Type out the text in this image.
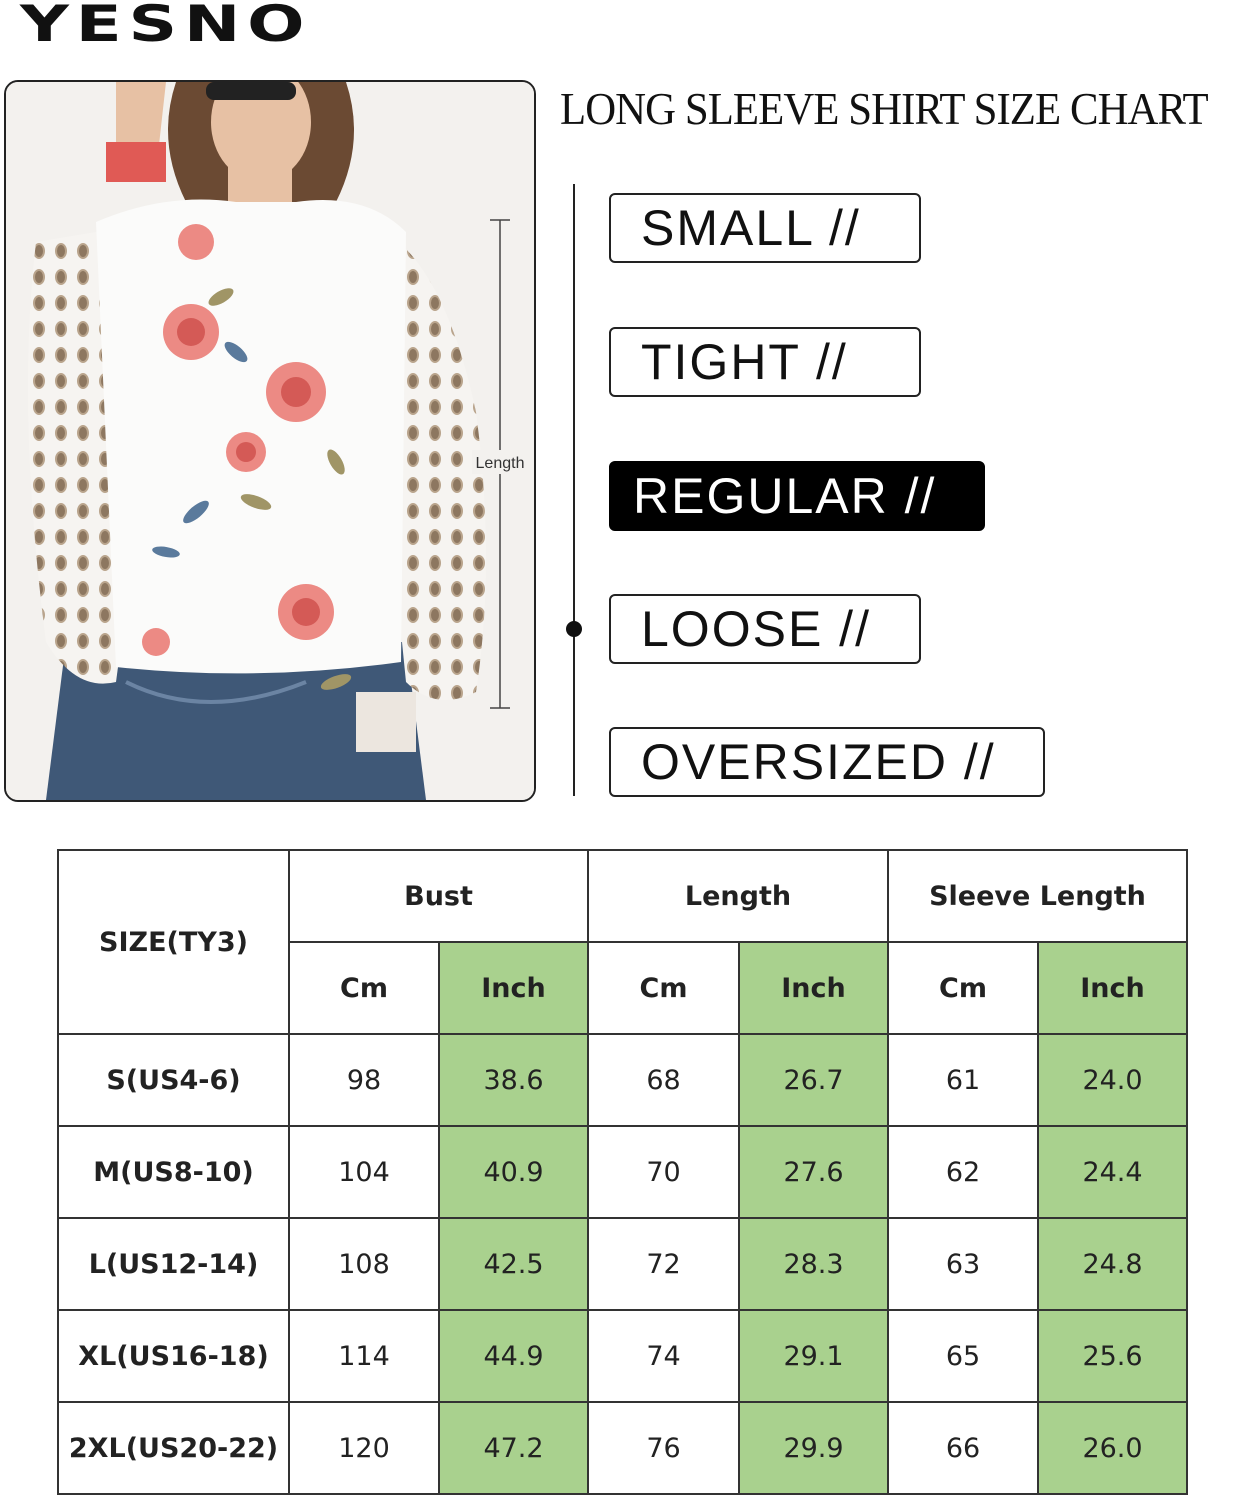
YESNO
Length
LONG SLEEVE SHIRT SIZE CHART
SMALL //
TIGHT //
REGULAR //
LOOSE //
OVERSIZED //
SIZE(TY3)	Bust		Length		Sleeve Length	
	Cm	Inch	Cm	Inch	Cm	Inch
S(US4-6)	98	38.6	68	26.7	61	24.0
M(US8-10)	104	40.9	70	27.6	62	24.4
L(US12-14)	108	42.5	72	28.3	63	24.8
XL(US16-18)	114	44.9	74	29.1	65	25.6
2XL(US20-22)	120	47.2	76	29.9	66	26.0
